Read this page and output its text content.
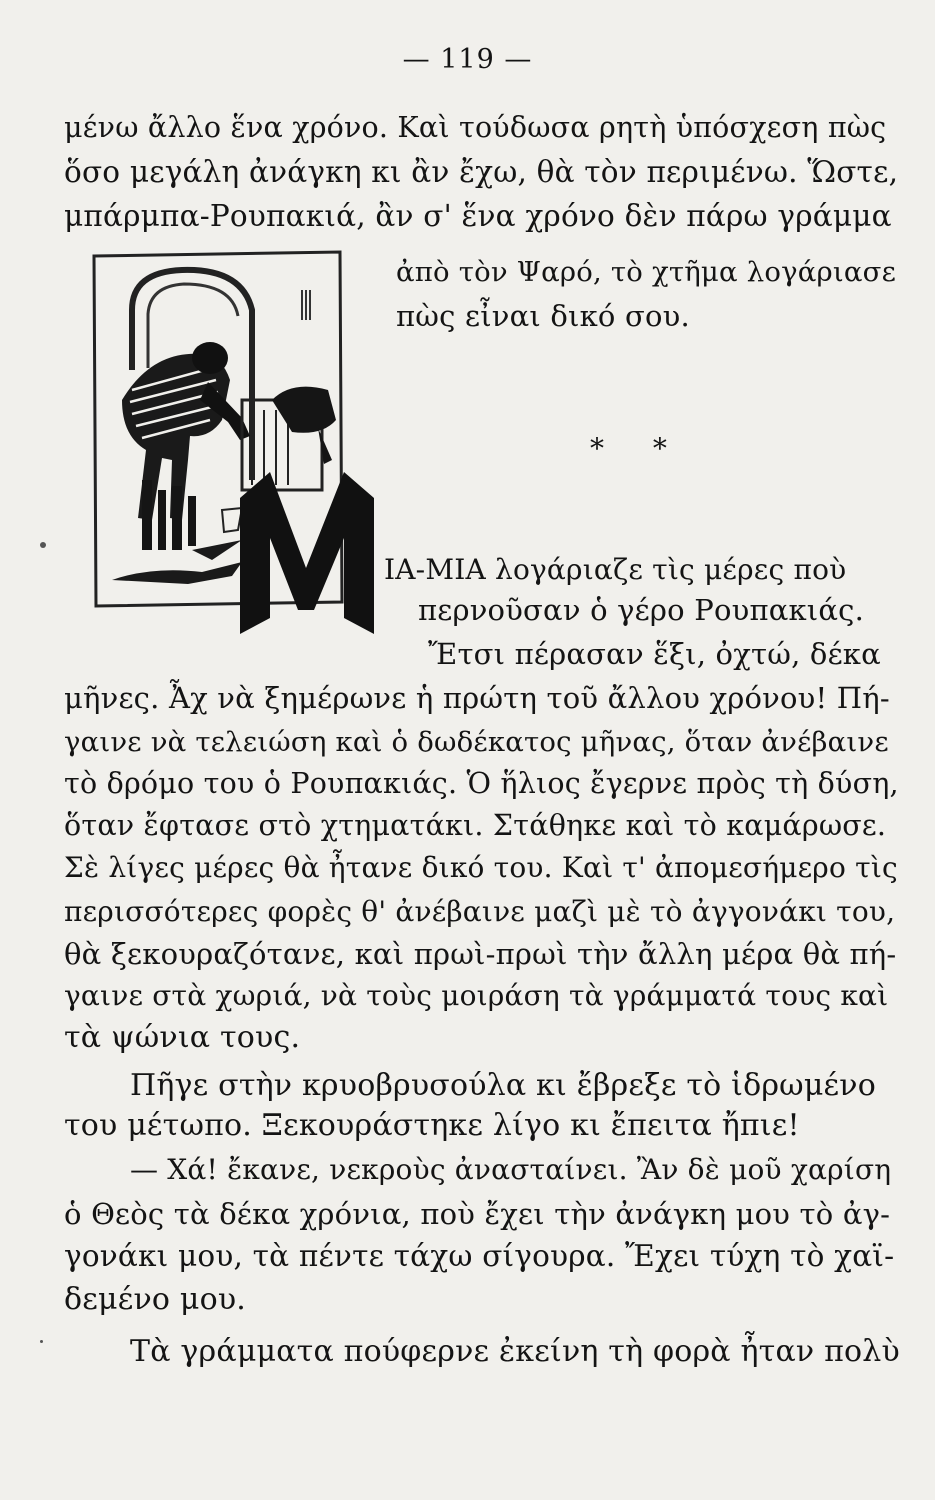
— 119 —
* *
μένω ἄλλο ἕνα χρόνο. Καὶ τούδωσα ρητὴ ὑπόσχεση πὼς
ὅσο μεγάλη ἀνάγκη κι ἂν ἔχω, θὰ τὸν περιμένω. Ὥστε,
μπάρμπα-Ρουπακιά, ἂν σ' ἕνα χρόνο δὲν πάρω γράμμα
ἀπὸ τὸν Ψαρό, τὸ χτῆμα λογάριασε
πὼς εἶναι δικό σου.
ΙΑ-ΜΙΑ λογάριαζε τὶς μέρες ποὺ
περνοῦσαν ὁ γέρο Ρουπακιάς.
Ἔτσι πέρασαν ἕξι, ὀχτώ, δέκα
μῆνες. Ἆχ νὰ ξημέρωνε ἡ πρώτη τοῦ ἄλλου χρόνου! Πή-
γαινε νὰ τελειώση καὶ ὁ δωδέκατος μῆνας, ὅταν ἀνέβαινε
τὸ δρόμο του ὁ Ρουπακιάς. Ὁ ἥλιος ἔγερνε πρὸς τὴ δύση,
ὅταν ἔφτασε στὸ χτηματάκι. Στάθηκε καὶ τὸ καμάρωσε.
Σὲ λίγες μέρες θὰ ἦτανε δικό του. Καὶ τ' ἀπομεσήμερο τὶς
περισσότερες φορὲς θ' ἀνέβαινε μαζὶ μὲ τὸ ἀγγονάκι του,
θὰ ξεκουραζότανε, καὶ πρωὶ-πρωὶ τὴν ἄλλη μέρα θὰ πή-
γαινε στὰ χωριά, νὰ τοὺς μοιράση τὰ γράμματά τους καὶ
τὰ ψώνια τους.
Πῆγε στὴν κρυοβρυσούλα κι ἔβρεξε τὸ ἱδρωμένο
του μέτωπο. Ξεκουράστηκε λίγο κι ἔπειτα ἤπιε!
— Χά! ἔκανε, νεκροὺς ἀνασταίνει. Ἂν δὲ μοῦ χαρίση
ὁ Θεὸς τὰ δέκα χρόνια, ποὺ ἔχει τὴν ἀνάγκη μου τὸ ἀγ-
γονάκι μου, τὰ πέντε τάχω σίγουρα. Ἔχει τύχη τὸ χαϊ-
δεμένο μου.
Τὰ γράμματα πούφερνε ἐκείνη τὴ φορὰ ἦταν πολὺ
